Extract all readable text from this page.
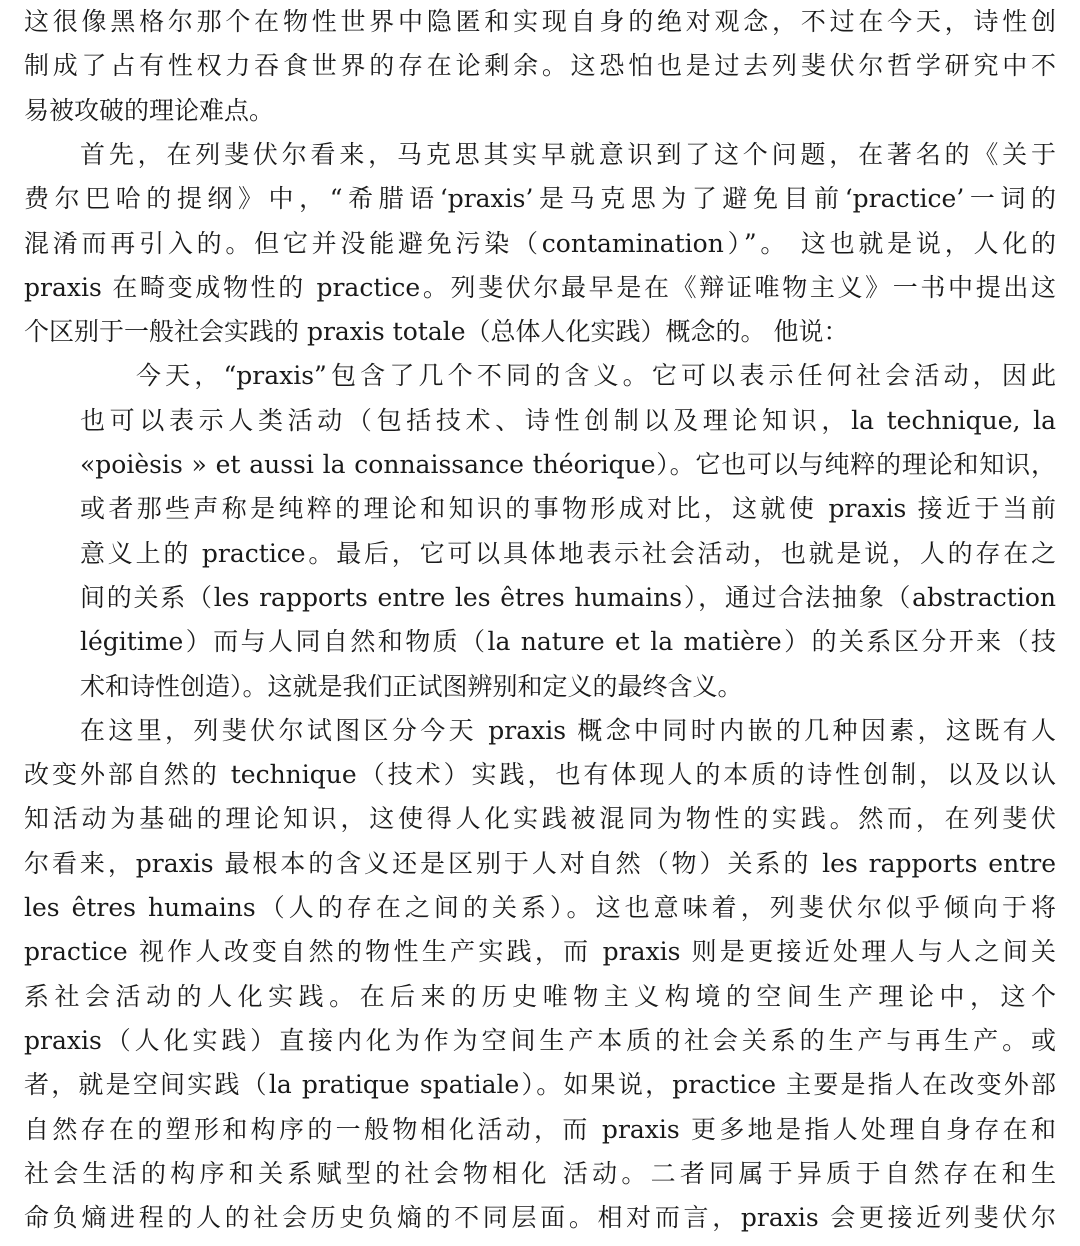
这很像黑格尔那个在物性世界中隐匿和实现自身的绝对观念，不过在今天，诗性创
制成了占有性权力吞食世界的存在论剩余。这恐怕也是过去列斐伏尔哲学研究中不
易被攻破的理论难点。
首先，在列斐伏尔看来，马克思其实早就意识到了这个问题，在著名的《关于
费尔巴哈的提纲》中，“希腊语‘praxis’是马克思为了避免目前‘practice’一词的
混淆而再引入的。但它并没能避免污染（contamination）”。 这也就是说，人化的
praxis 在畸变成物性的 practice。列斐伏尔最早是在《辩证唯物主义》一书中提出这
个区别于一般社会实践的 praxis totale（总体人化实践）概念的。 他说：
今天，“praxis”包含了几个不同的含义。它可以表示任何社会活动，因此
也可以表示人类活动（包括技术、诗性创制以及理论知识，la technique, la
«poièsis » et aussi la connaissance théorique）。它也可以与纯粹的理论和知识，
或者那些声称是纯粹的理论和知识的事物形成对比，这就使 praxis 接近于当前
意义上的 practice。最后，它可以具体地表示社会活动，也就是说，人的存在之
间的关系（les rapports entre les êtres humains），通过合法抽象（abstraction
légitime）而与人同自然和物质（la nature et la matière）的关系区分开来（技
术和诗性创造）。这就是我们正试图辨别和定义的最终含义。
在这里，列斐伏尔试图区分今天 praxis 概念中同时内嵌的几种因素，这既有人
改变外部自然的 technique（技术）实践，也有体现人的本质的诗性创制，以及以认
知活动为基础的理论知识，这使得人化实践被混同为物性的实践。然而，在列斐伏
尔看来，praxis 最根本的含义还是区别于人对自然（物）关系的 les rapports entre
les êtres humains（人的存在之间的关系）。这也意味着，列斐伏尔似乎倾向于将
practice 视作人改变自然的物性生产实践，而 praxis 则是更接近处理人与人之间关
系社会活动的人化实践。在后来的历史唯物主义构境的空间生产理论中，这个
praxis（人化实践）直接内化为作为空间生产本质的社会关系的生产与再生产。或
者，就是空间实践（la pratique spatiale）。如果说，practice 主要是指人在改变外部
自然存在的塑形和构序的一般物相化活动，而 praxis 更多地是指人处理自身存在和
社会生活的构序和关系赋型的社会物相化 活动。二者同属于异质于自然存在和生
命负熵进程的人的社会历史负熵的不同层面。相对而言，praxis 会更接近列斐伏尔
